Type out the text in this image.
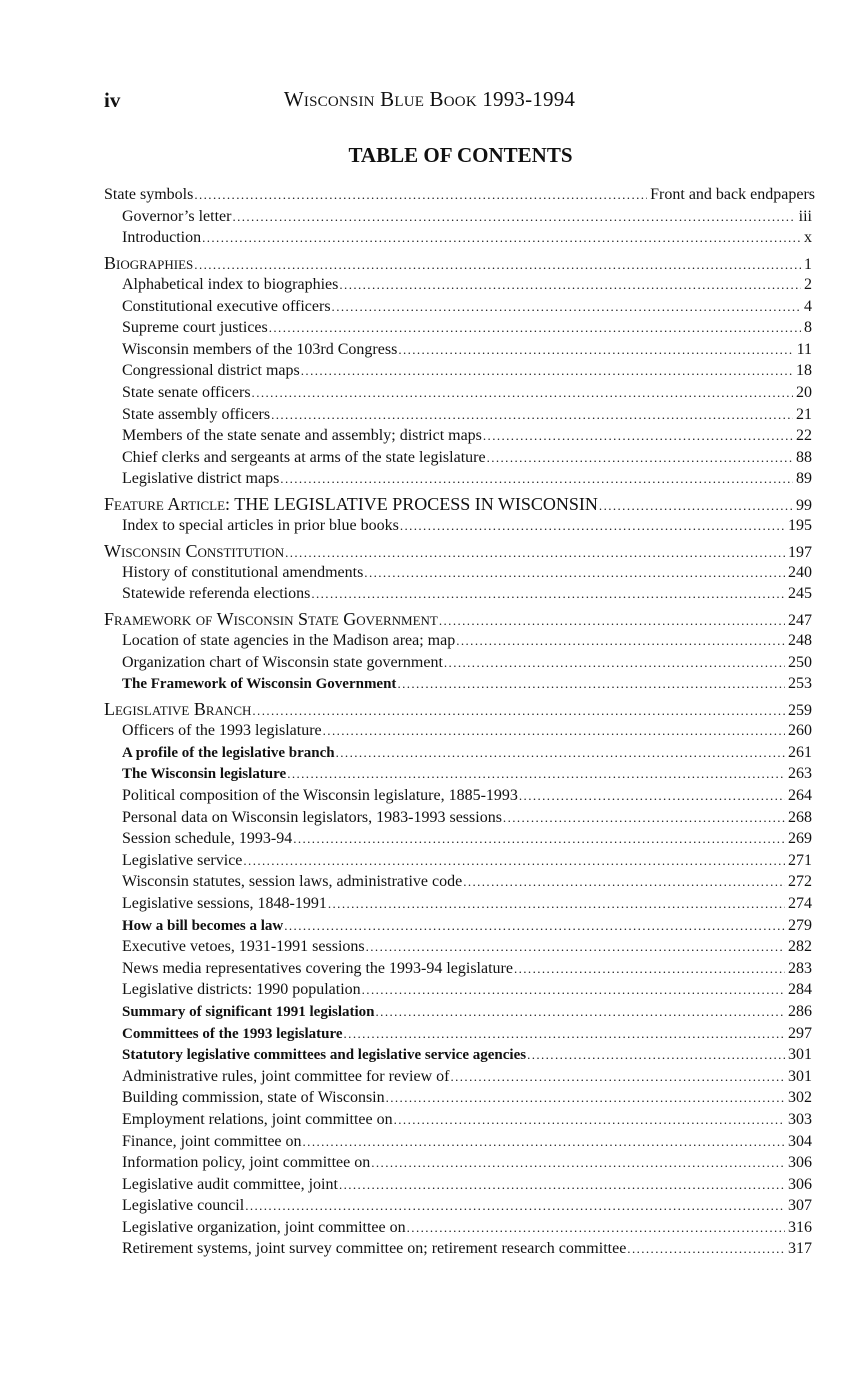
iv	Wisconsin Blue Book 1993-1994
TABLE OF CONTENTS
State symbols .....	Front and back endpapers
Governor’s letter .....	iii
Introduction .....	x
Biographies .....	1
Alphabetical index to biographies .....	2
Constitutional executive officers .....	4
Supreme court justices .....	8
Wisconsin members of the 103rd Congress .....	11
Congressional district maps .....	18
State senate officers .....	20
State assembly officers .....	21
Members of the state senate and assembly; district maps .....	22
Chief clerks and sergeants at arms of the state legislature .....	88
Legislative district maps .....	89
Feature Article: THE LEGISLATIVE PROCESS IN WISCONSIN .....	99
Index to special articles in prior blue books .....	195
Wisconsin Constitution .....	197
History of constitutional amendments .....	240
Statewide referenda elections .....	245
Framework of Wisconsin State Government .....	247
Location of state agencies in the Madison area; map .....	248
Organization chart of Wisconsin state government .....	250
The Framework of Wisconsin Government .....	253
Legislative Branch .....	259
Officers of the 1993 legislature .....	260
A profile of the legislative branch .....	261
The Wisconsin legislature .....	263
Political composition of the Wisconsin legislature, 1885-1993 .....	264
Personal data on Wisconsin legislators, 1983-1993 sessions .....	268
Session schedule, 1993-94 .....	269
Legislative service .....	271
Wisconsin statutes, session laws, administrative code .....	272
Legislative sessions, 1848-1991 .....	274
How a bill becomes a law .....	279
Executive vetoes, 1931-1991 sessions .....	282
News media representatives covering the 1993-94 legislature .....	283
Legislative districts: 1990 population .....	284
Summary of significant 1991 legislation .....	286
Committees of the 1993 legislature .....	297
Statutory legislative committees and legislative service agencies .....	301
Administrative rules, joint committee for review of .....	301
Building commission, state of Wisconsin .....	302
Employment relations, joint committee on .....	303
Finance, joint committee on .....	304
Information policy, joint committee on .....	306
Legislative audit committee, joint .....	306
Legislative council .....	307
Legislative organization, joint committee on .....	316
Retirement systems, joint survey committee on; retirement research committee .....	317
